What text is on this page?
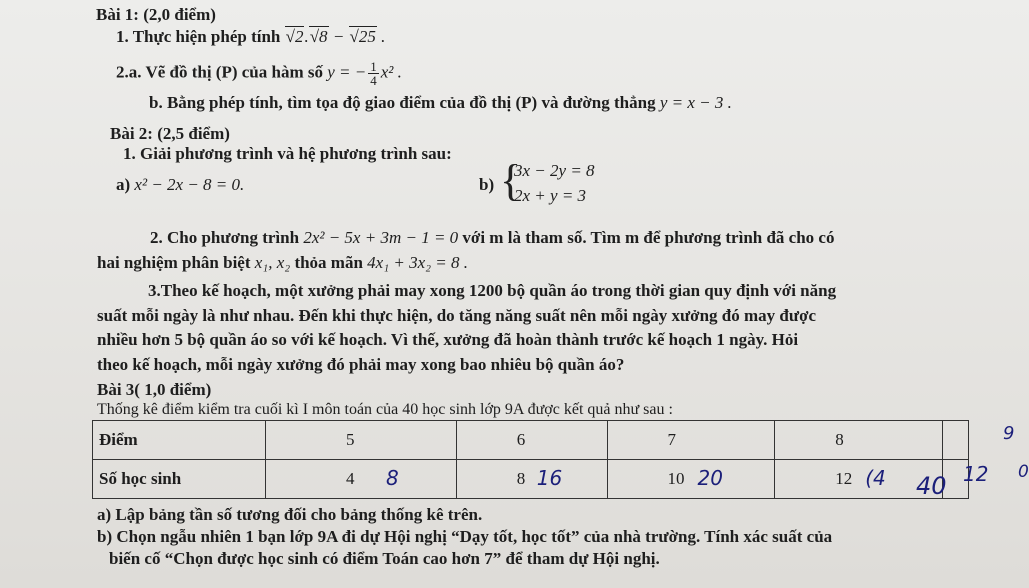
Bài 1: (2,0 điểm)
1. Thực hiện phép tính √2.√8 − √25 .
2.a. Vẽ đồ thị (P) của hàm số y = − $\frac{1}{4} x^2$ .
b. Bằng phép tính, tìm tọa độ giao điểm của đồ thị (P) và đường thẳng y = x − 3 .
Bài 2: (2,5 điểm)
1. Giải phương trình và hệ phương trình sau:
a) x² − 2x − 8 = 0.	b) {
3x − 2y = 8
2x + y = 3
2. Cho phương trình 2x² − 5x + 3m − 1 = 0 với m là tham số. Tìm m để phương trình đã cho có
hai nghiệm phân biệt x₁, x₂ thỏa mãn 4x₁ + 3x₂ = 8 .
3.Theo kế hoạch, một xưởng phải may xong 1200 bộ quần áo trong thời gian quy định với năng
suất mỗi ngày là như nhau. Đến khi thực hiện, do tăng năng suất nên mỗi ngày xưởng đó may được
nhiều hơn 5 bộ quần áo so với kế hoạch. Vì thế, xưởng đã hoàn thành trước kế hoạch 1 ngày. Hỏi
theo kế hoạch, mỗi ngày xưởng đó phải may xong bao nhiêu bộ quần áo?
Bài 3( 1,0 điểm)
Thống kê điểm kiểm tra cuối kì I môn toán của 40 học sinh lớp 9A được kết quả như sau :
Điểm	5	6	7	8	9

Số học sinh	4 8	8 16	10 20	12 (4	12 0
40
a) Lập bảng tần số tương đối cho bảng thống kê trên.
b) Chọn ngẫu nhiên 1 bạn lớp 9A đi dự Hội nghị “Dạy tốt, học tốt” của nhà trường. Tính xác suất của
biến cố “Chọn được học sinh có điểm Toán cao hơn 7” để tham dự Hội nghị.
